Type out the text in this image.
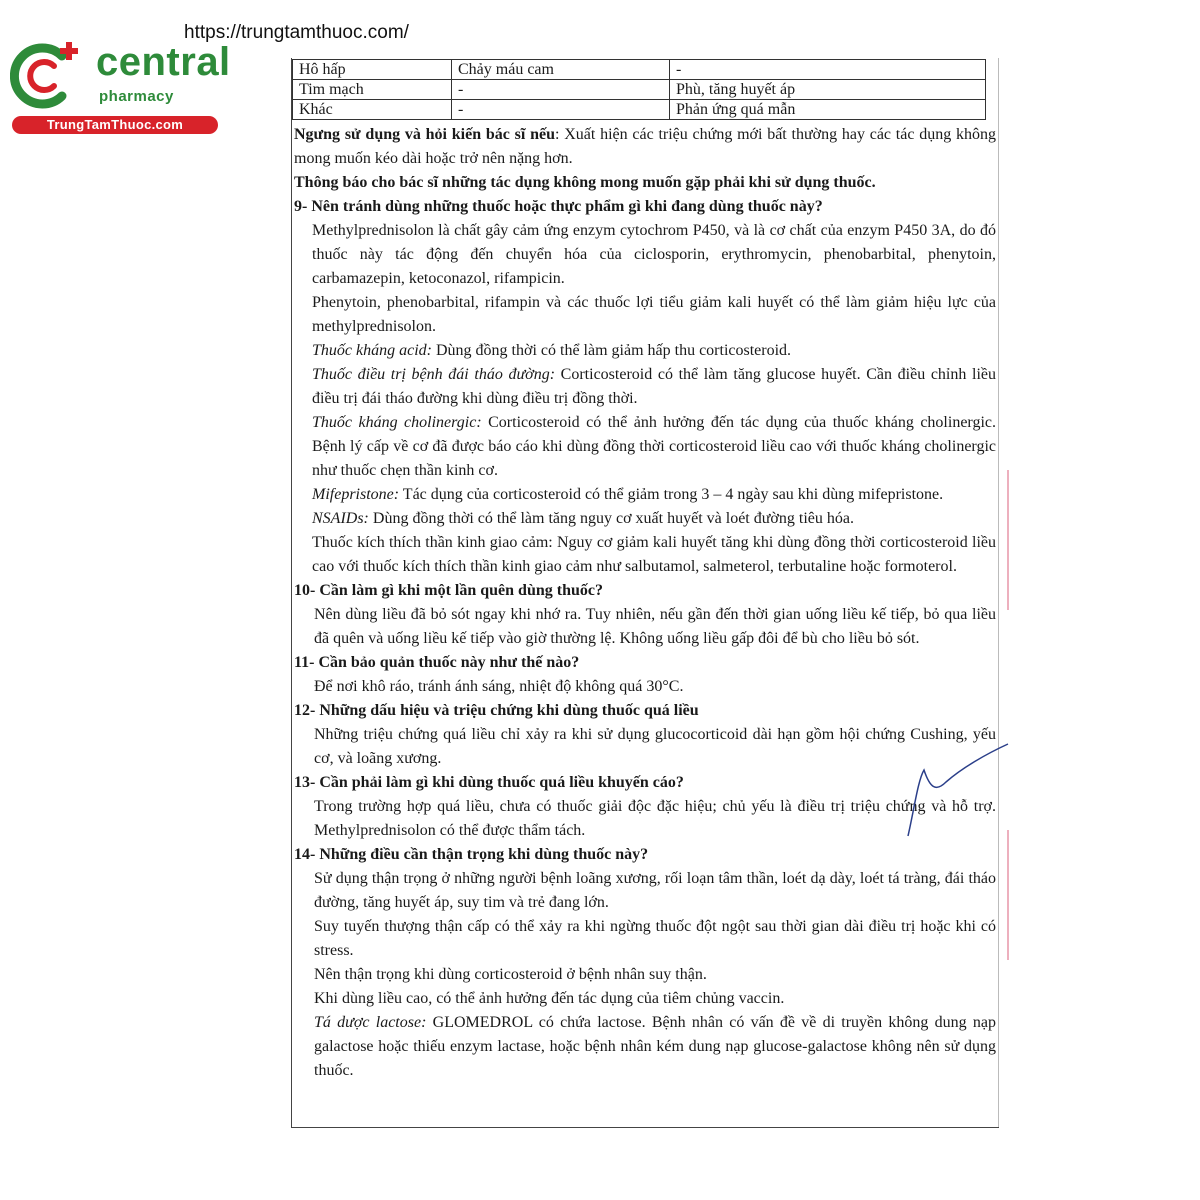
https://trungtamthuoc.com/
central
pharmacy
TrungTamThuoc.com
Hô hấp	Chảy máu cam	-
Tim mạch	-	Phù, tăng huyết áp
Khác	-	Phản ứng quá mẫn

Ngưng sử dụng và hỏi kiến bác sĩ nếu: Xuất hiện các triệu chứng mới bất thường hay các tác dụng không mong muốn kéo dài hoặc trở nên nặng hơn.

Thông báo cho bác sĩ những tác dụng không mong muốn gặp phải khi sử dụng thuốc.

9- Nên tránh dùng những thuốc hoặc thực phẩm gì khi đang dùng thuốc này?

Methylprednisolon là chất gây cảm ứng enzym cytochrom P450, và là cơ chất của enzym P450 3A, do đó thuốc này tác động đến chuyển hóa của ciclosporin, erythromycin, phenobarbital, phenytoin, carbamazepin, ketoconazol, rifampicin.

Phenytoin, phenobarbital, rifampin và các thuốc lợi tiểu giảm kali huyết có thể làm giảm hiệu lực của methylprednisolon.

Thuốc kháng acid: Dùng đồng thời có thể làm giảm hấp thu corticosteroid.

Thuốc điều trị bệnh đái tháo đường: Corticosteroid có thể làm tăng glucose huyết. Cần điều chỉnh liều điều trị đái tháo đường khi dùng điều trị đồng thời.

Thuốc kháng cholinergic: Corticosteroid có thể ảnh hưởng đến tác dụng của thuốc kháng cholinergic. Bệnh lý cấp về cơ đã được báo cáo khi dùng đồng thời corticosteroid liều cao với thuốc kháng cholinergic như thuốc chẹn thần kinh cơ.

Mifepristone: Tác dụng của corticosteroid có thể giảm trong 3 – 4 ngày sau khi dùng mifepristone.

NSAIDs: Dùng đồng thời có thể làm tăng nguy cơ xuất huyết và loét đường tiêu hóa.

Thuốc kích thích thần kinh giao cảm: Nguy cơ giảm kali huyết tăng khi dùng đồng thời corticosteroid liều cao với thuốc kích thích thần kinh giao cảm như salbutamol, salmeterol, terbutaline hoặc formoterol.

10- Cần làm gì khi một lần quên dùng thuốc?

Nên dùng liều đã bỏ sót ngay khi nhớ ra. Tuy nhiên, nếu gần đến thời gian uống liều kế tiếp, bỏ qua liều đã quên và uống liều kế tiếp vào giờ thường lệ. Không uống liều gấp đôi để bù cho liều bỏ sót.

11- Cần bảo quản thuốc này như thế nào?

Để nơi khô ráo, tránh ánh sáng, nhiệt độ không quá 30°C.

12- Những dấu hiệu và triệu chứng khi dùng thuốc quá liều

Những triệu chứng quá liều chỉ xảy ra khi sử dụng glucocorticoid dài hạn gồm hội chứng Cushing, yếu cơ, và loãng xương.

13- Cần phải làm gì khi dùng thuốc quá liều khuyến cáo?

Trong trường hợp quá liều, chưa có thuốc giải độc đặc hiệu; chủ yếu là điều trị triệu chứng và hỗ trợ. Methylprednisolon có thể được thẩm tách.

14- Những điều cần thận trọng khi dùng thuốc này?

Sử dụng thận trọng ở những người bệnh loãng xương, rối loạn tâm thần, loét dạ dày, loét tá tràng, đái tháo đường, tăng huyết áp, suy tim và trẻ đang lớn.

Suy tuyến thượng thận cấp có thể xảy ra khi ngừng thuốc đột ngột sau thời gian dài điều trị hoặc khi có stress.

Nên thận trọng khi dùng corticosteroid ở bệnh nhân suy thận.

Khi dùng liều cao, có thể ảnh hưởng đến tác dụng của tiêm chủng vaccin.

Tá dược lactose: GLOMEDROL có chứa lactose. Bệnh nhân có vấn đề về di truyền không dung nạp galactose hoặc thiếu enzym lactase, hoặc bệnh nhân kém dung nạp glucose-galactose không nên sử dụng thuốc.
